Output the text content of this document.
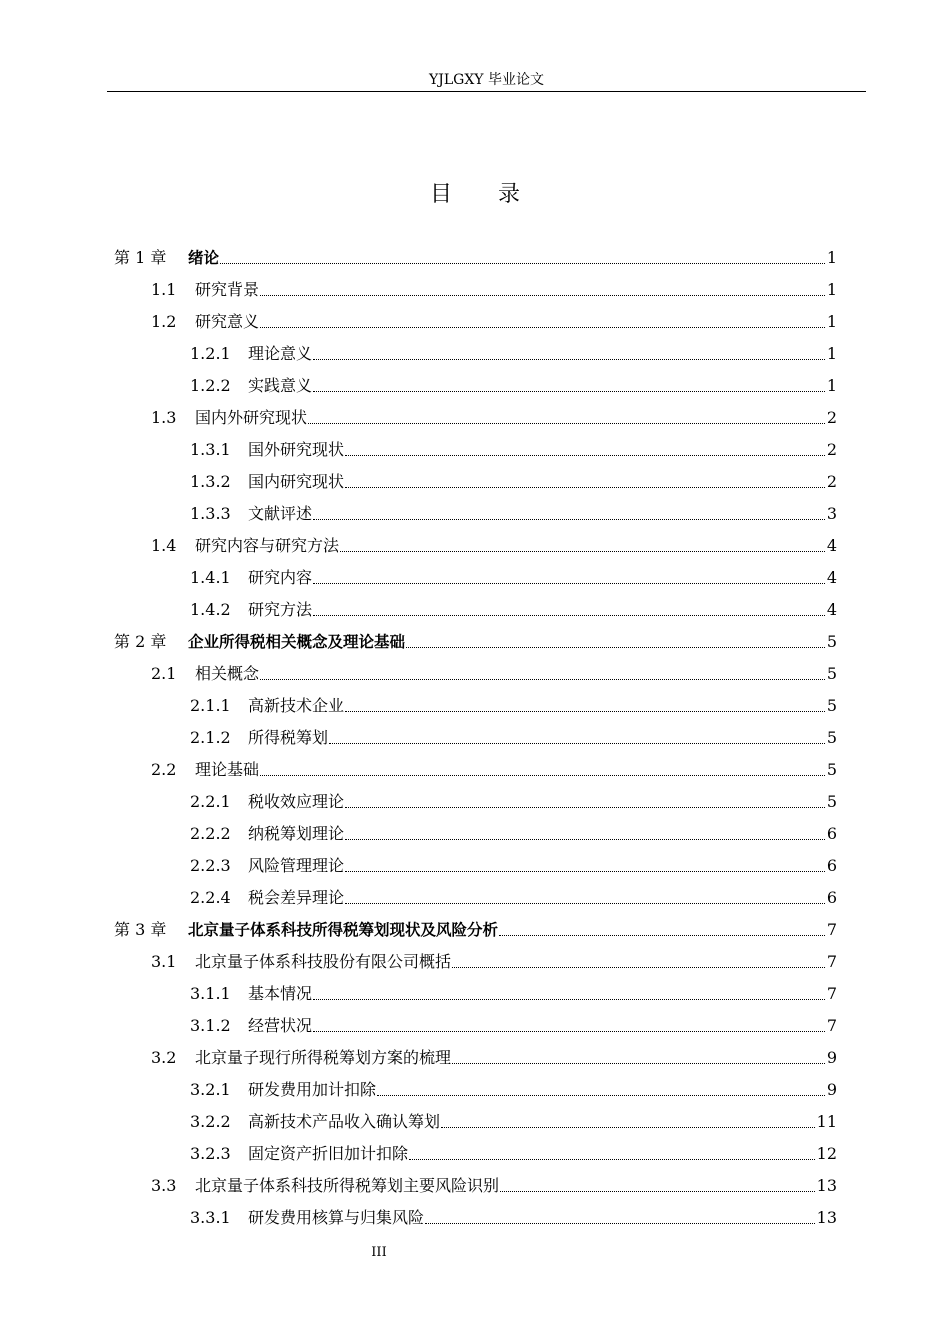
YJLGXY 毕业论文
目录
第 1 章	绪论	1
1.1	研究背景	1
1.2	研究意义	1
1.2.1	理论意义	1
1.2.2	实践意义	1
1.3	国内外研究现状	2
1.3.1	国外研究现状	2
1.3.2	国内研究现状	2
1.3.3	文献评述	3
1.4	研究内容与研究方法	4
1.4.1	研究内容	4
1.4.2	研究方法	4
第 2 章	企业所得税相关概念及理论基础	5
2.1	相关概念	5
2.1.1	高新技术企业	5
2.1.2	所得税筹划	5
2.2	理论基础	5
2.2.1	税收效应理论	5
2.2.2	纳税筹划理论	6
2.2.3	风险管理理论	6
2.2.4	税会差异理论	6
第 3 章	北京量子体系科技所得税筹划现状及风险分析	7
3.1	北京量子体系科技股份有限公司概括	7
3.1.1	基本情况	7
3.1.2	经营状况	7
3.2	北京量子现行所得税筹划方案的梳理	9
3.2.1	研发费用加计扣除	9
3.2.2	高新技术产品收入确认筹划	11
3.2.3	固定资产折旧加计扣除	12
3.3	北京量子体系科技所得税筹划主要风险识别	13
3.3.1	研发费用核算与归集风险	13
III
